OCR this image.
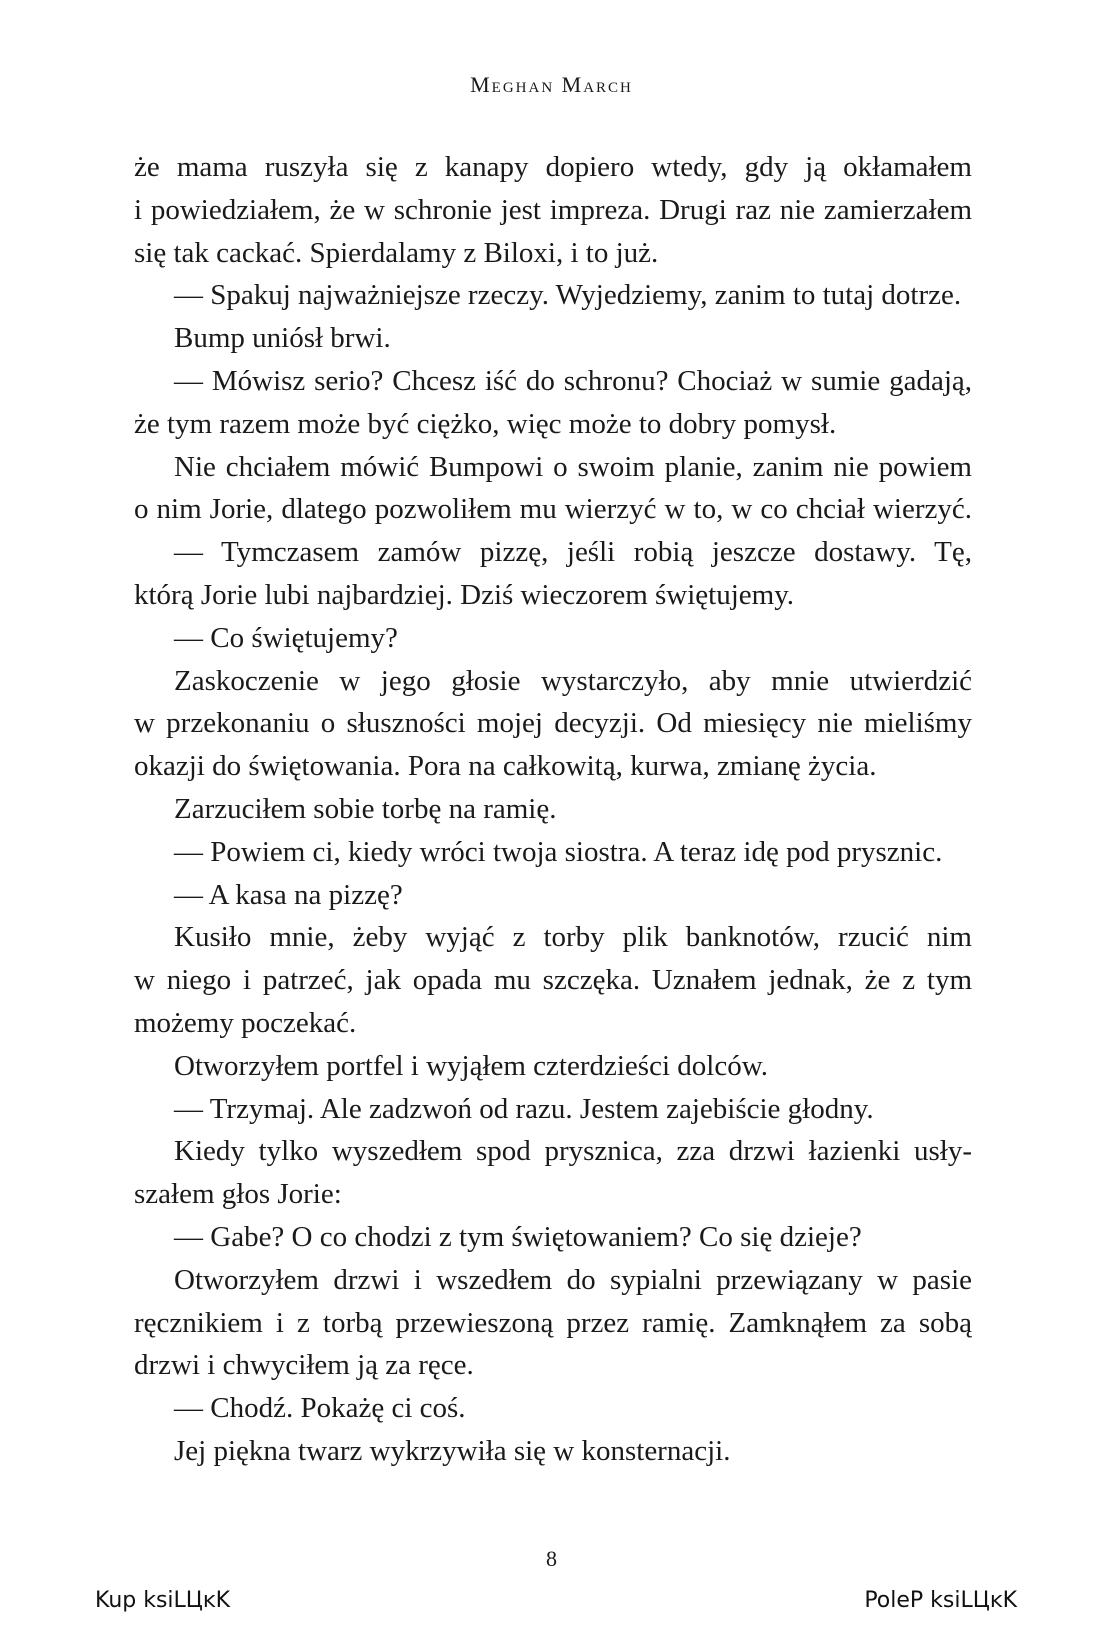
Meghan March
że mama ruszyła się z kanapy dopiero wtedy, gdy ją okłamałem
i powiedziałem, że w schronie jest impreza. Drugi raz nie zamierzałem
się tak cackać. Spierdalamy z Biloxi, i to już.
— Spakuj najważniejsze rzeczy. Wyjedziemy, zanim to tutaj dotrze.
Bump uniósł brwi.
— Mówisz serio? Chcesz iść do schronu? Chociaż w sumie gadają,
że tym razem może być ciężko, więc może to dobry pomysł.
Nie chciałem mówić Bumpowi o swoim planie, zanim nie powiem
o nim Jorie, dlatego pozwoliłem mu wierzyć w to, w co chciał wierzyć.
— Tymczasem zamów pizzę, jeśli robią jeszcze dostawy. Tę,
którą Jorie lubi najbardziej. Dziś wieczorem świętujemy.
— Co świętujemy?
Zaskoczenie w jego głosie wystarczyło, aby mnie utwierdzić
w przekonaniu o słuszności mojej decyzji. Od miesięcy nie mieliśmy
okazji do świętowania. Pora na całkowitą, kurwa, zmianę życia.
Zarzuciłem sobie torbę na ramię.
— Powiem ci, kiedy wróci twoja siostra. A teraz idę pod prysznic.
— A kasa na pizzę?
Kusiło mnie, żeby wyjąć z torby plik banknotów, rzucić nim
w niego i patrzeć, jak opada mu szczęka. Uznałem jednak, że z tym
możemy poczekać.
Otworzyłem portfel i wyjąłem czterdzieści dolców.
— Trzymaj. Ale zadzwoń od razu. Jestem zajebiście głodny.
Kiedy tylko wyszedłem spod prysznica, zza drzwi łazienki usły-
szałem głos Jorie:
— Gabe? O co chodzi z tym świętowaniem? Co się dzieje?
Otworzyłem drzwi i wszedłem do sypialni przewiązany w pasie
ręcznikiem i z torbą przewieszoną przez ramię. Zamknąłem za sobą
drzwi i chwyciłem ją za ręce.
— Chodź. Pokażę ci coś.
Jej piękna twarz wykrzywiła się w konsternacji.
8
Kup ksiLЦĸK	PoleP ksiLЦĸK
